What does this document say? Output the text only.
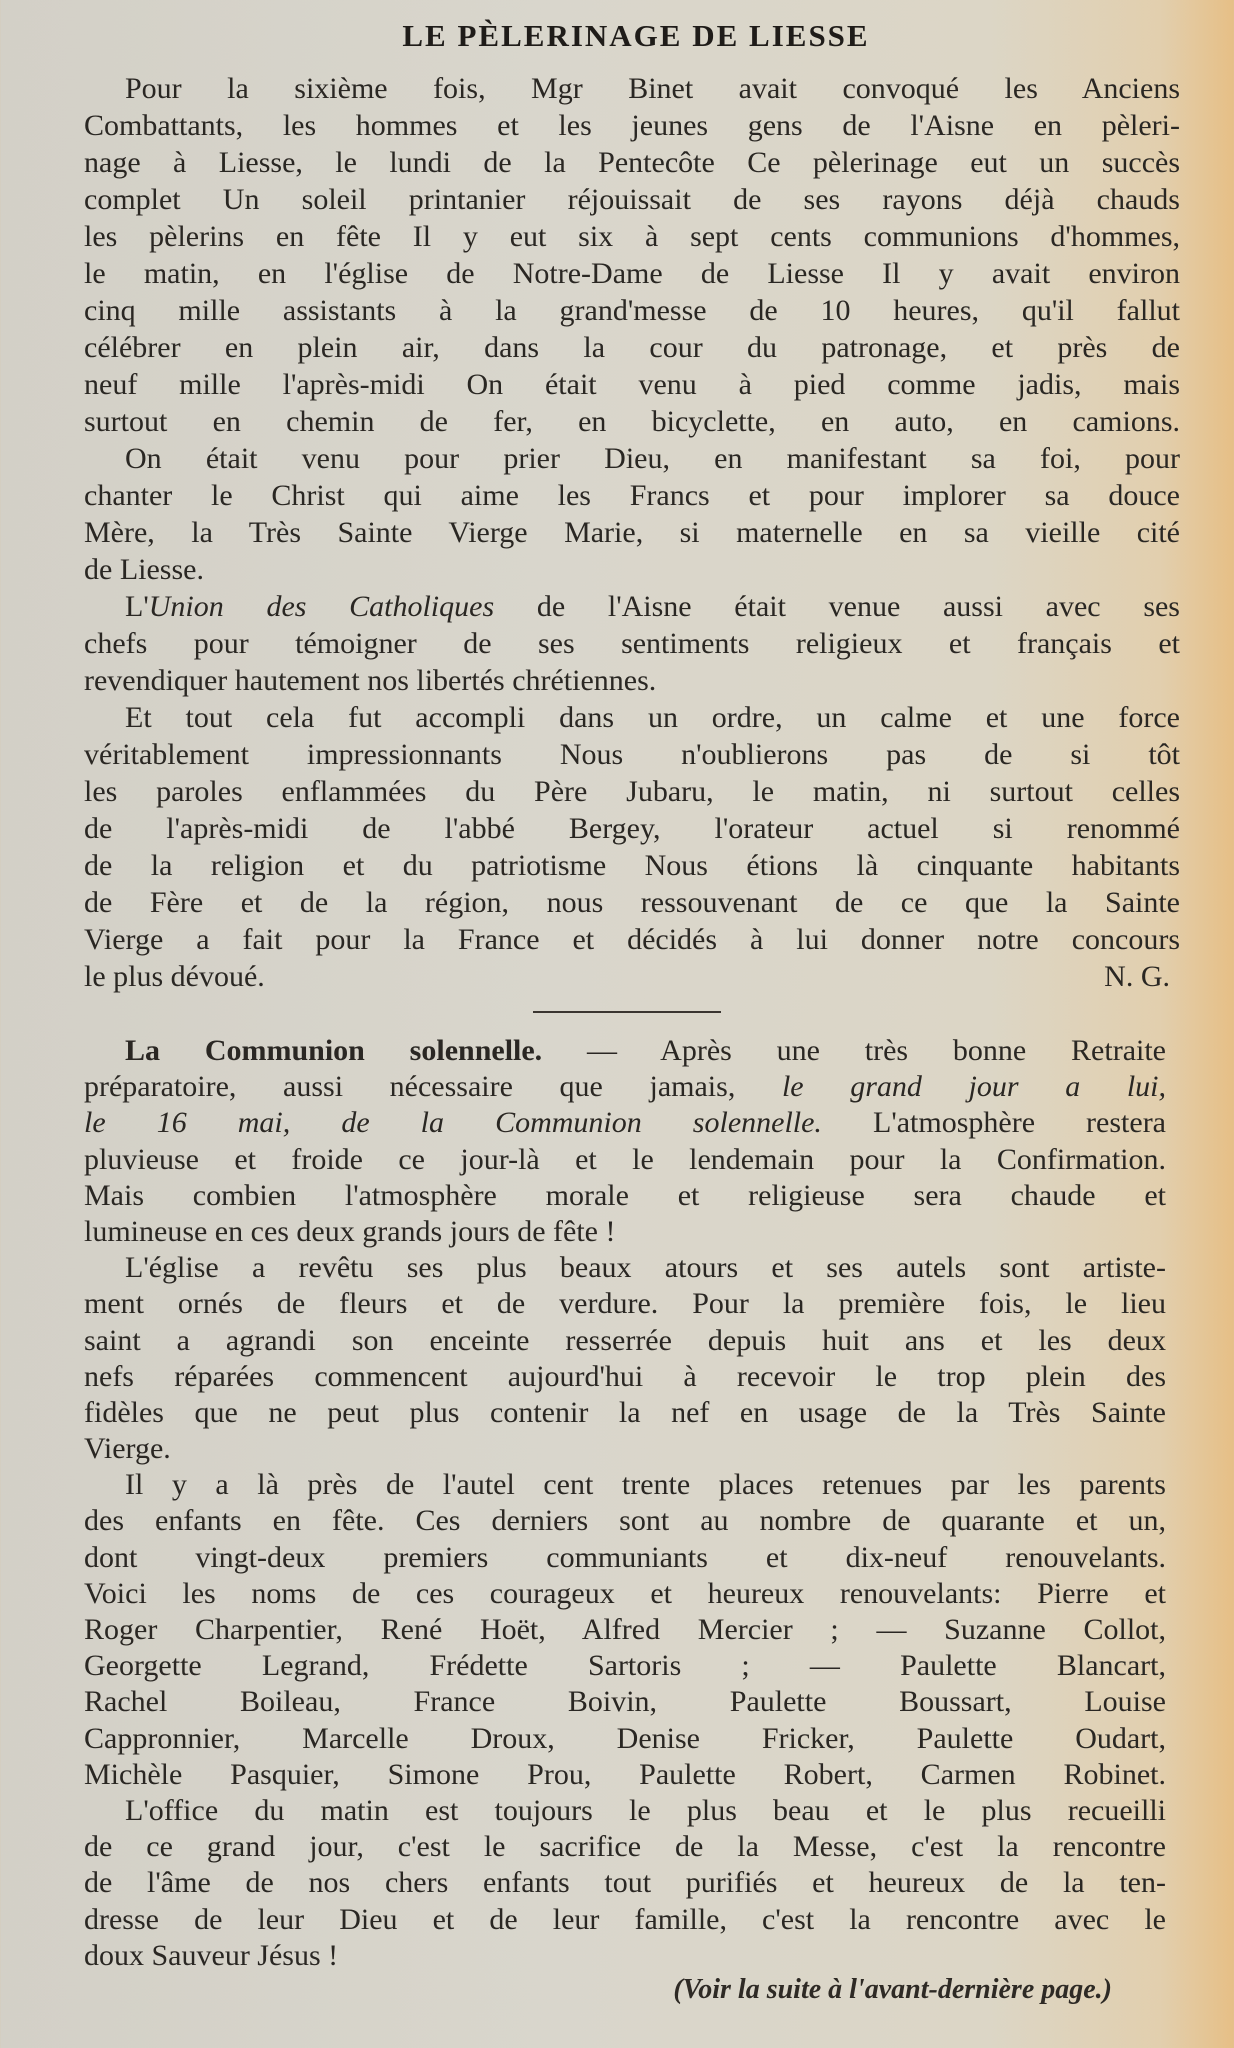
LE PÈLERINAGE DE LIESSE
Pour la sixième fois, Mgr Binet avait convoqué les Anciens
Combattants, les hommes et les jeunes gens de l'Aisne en pèleri-
nage à Liesse, le lundi de la Pentecôte Ce pèlerinage eut un succès
complet Un soleil printanier réjouissait de ses rayons déjà chauds
les pèlerins en fête Il y eut six à sept cents communions d'hommes,
le matin, en l'église de Notre-Dame de Liesse Il y avait environ
cinq mille assistants à la grand'messe de 10 heures, qu'il fallut
célébrer en plein air, dans la cour du patronage, et près de
neuf mille l'après-midi On était venu à pied comme jadis, mais
surtout en chemin de fer, en bicyclette, en auto, en camions.
On était venu pour prier Dieu, en manifestant sa foi, pour
chanter le Christ qui aime les Francs et pour implorer sa douce
Mère, la Très Sainte Vierge Marie, si maternelle en sa vieille cité
de Liesse.
L'Union des Catholiques de l'Aisne était venue aussi avec ses
chefs pour témoigner de ses sentiments religieux et français et
revendiquer hautement nos libertés chrétiennes.
Et tout cela fut accompli dans un ordre, un calme et une force
véritablement impressionnants Nous n'oublierons pas de si tôt
les paroles enflammées du Père Jubaru, le matin, ni surtout celles
de l'après-midi de l'abbé Bergey, l'orateur actuel si renommé
de la religion et du patriotisme Nous étions là cinquante habitants
de Fère et de la région, nous ressouvenant de ce que la Sainte
Vierge a fait pour la France et décidés à lui donner notre concours
le plus dévoué.	N. G.
La Communion solennelle. — Après une très bonne Retraite
préparatoire, aussi nécessaire que jamais, le grand jour a lui,
le 16 mai, de la Communion solennelle. L'atmosphère restera
pluvieuse et froide ce jour-là et le lendemain pour la Confirmation.
Mais combien l'atmosphère morale et religieuse sera chaude et
lumineuse en ces deux grands jours de fête !
L'église a revêtu ses plus beaux atours et ses autels sont artiste-
ment ornés de fleurs et de verdure. Pour la première fois, le lieu
saint a agrandi son enceinte resserrée depuis huit ans et les deux
nefs réparées commencent aujourd'hui à recevoir le trop plein des
fidèles que ne peut plus contenir la nef en usage de la Très Sainte
Vierge.
Il y a là près de l'autel cent trente places retenues par les parents
des enfants en fête. Ces derniers sont au nombre de quarante et un,
dont vingt-deux premiers communiants et dix-neuf renouvelants.
Voici les noms de ces courageux et heureux renouvelants: Pierre et
Roger Charpentier, René Hoët, Alfred Mercier ; — Suzanne Collot,
Georgette Legrand, Frédette Sartoris ; — Paulette Blancart,
Rachel Boileau, France Boivin, Paulette Boussart, Louise
Cappronnier, Marcelle Droux, Denise Fricker, Paulette Oudart,
Michèle Pasquier, Simone Prou, Paulette Robert, Carmen Robinet.
L'office du matin est toujours le plus beau et le plus recueilli
de ce grand jour, c'est le sacrifice de la Messe, c'est la rencontre
de l'âme de nos chers enfants tout purifiés et heureux de la ten-
dresse de leur Dieu et de leur famille, c'est la rencontre avec le
doux Sauveur Jésus !
(Voir la suite à l'avant-dernière page.)
